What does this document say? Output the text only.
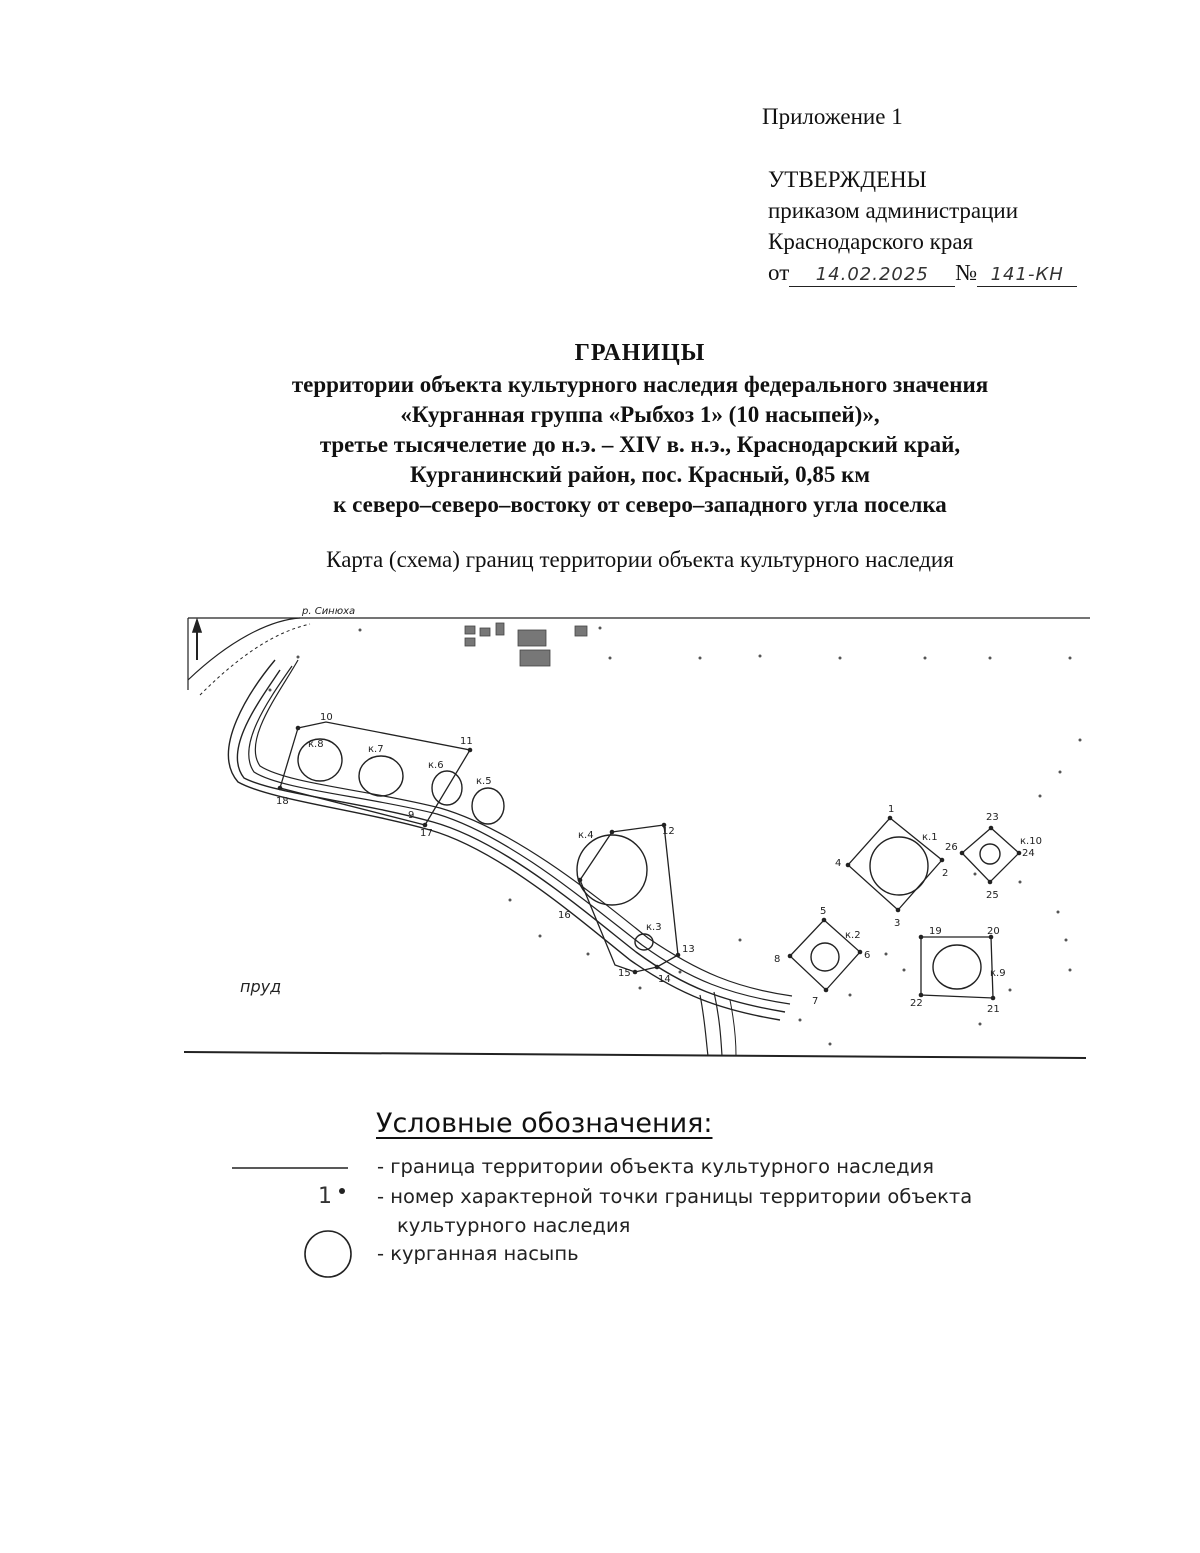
Приложение 1
УТВЕРЖДЕНЫ
приказом администрации
Краснодарского края
от 14.02.2025 № 141-КН
ГРАНИЦЫ
территории объекта культурного наследия федерального значения
«Курганная группа «Рыбхоз 1» (10 насыпей)»,
третье тысячелетие до н.э. – XIV в. н.э., Краснодарский край,
Курганинский район, пос. Красный, 0,85 км
к северо–северо–востоку от северо–западного угла поселка
Карта (схема) границ территории объекта культурного наследия
р. Синюха
пруд
к.8	к.7
к.6
к.5
к.4
к.3
к.1
к.2
к.9
к.10
1
2
3
4
5
6
7
8
9
10
11
12
13
14
15
16
17
18
19	20
21
22
23
24
25
26
Условные обозначения:
1
- граница территории объекта культурного наследия
- номер характерной точки границы территории объекта
культурного наследия
- курганная насыпь
